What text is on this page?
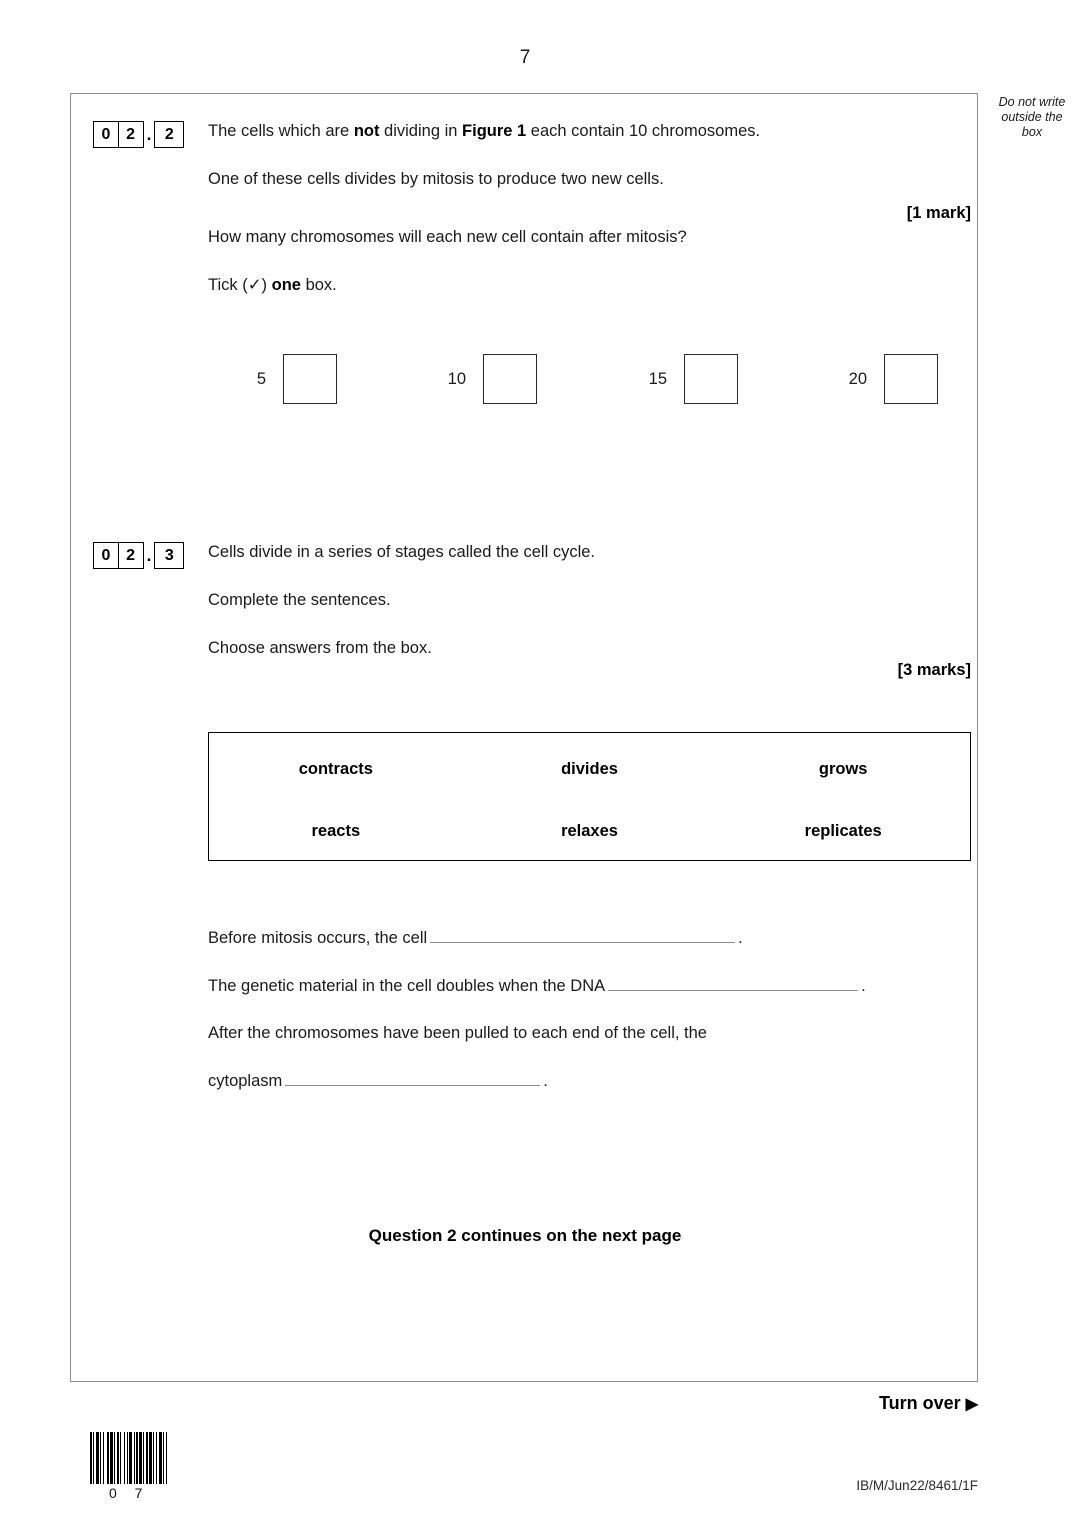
7
Do not write
outside the
box
0 2 . 2	The cells which are not dividing in Figure 1 each contain 10 chromosomes.
One of these cells divides by mitosis to produce two new cells.
How many chromosomes will each new cell contain after mitosis?
Tick (✓) one box.
[1 mark]
5	10	15	20
0 2 . 3	Cells divide in a series of stages called the cell cycle.
Complete the sentences.
Choose answers from the box.
[3 marks]
contracts	divides	grows
reacts	relaxes	replicates
Before mitosis occurs, the cell	.
The genetic material in the cell doubles when the DNA	.
After the chromosomes have been pulled to each end of the cell, the
cytoplasm	.
Question 2 continues on the next page
Turn over ▶
0 7	IB/M/Jun22/8461/1F
